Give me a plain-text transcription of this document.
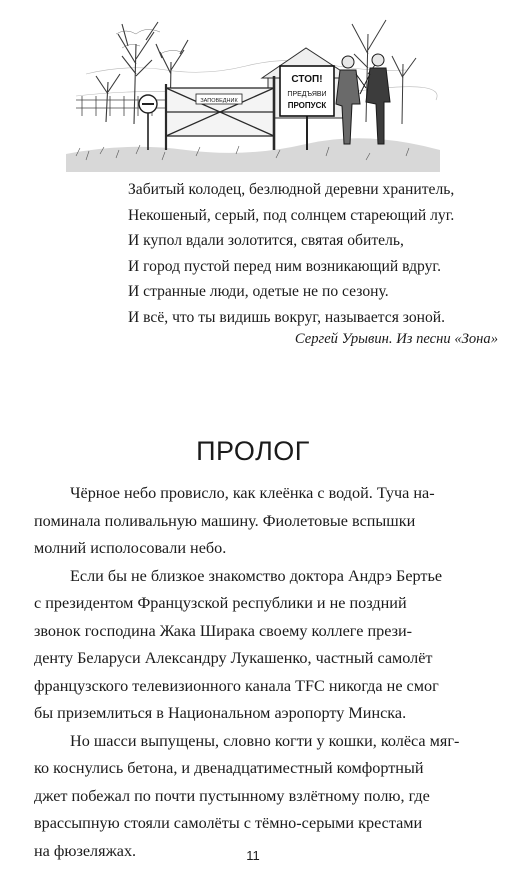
ЗАПОВЕДНИК
СТОП!
ПРЕДЪЯВИ
ПРОПУСК
Забитый колодец, безлюдной деревни хранитель,
Некошеный, серый, под солнцем стареющий луг.
И купол вдали золотится, святая обитель,
И город пустой перед ним возникающий вдруг.
И странные люди, одетые не по сезону.
И всё, что ты видишь вокруг, называется зоной.
Сергей Урывин. Из песни «Зона»
ПРОЛОГ
Чёрное небо провисло, как клеёнка с водой. Туча на-
поминала поливальную машину. Фиолетовые вспышки
молний исполосовали небо.
Если бы не близкое знакомство доктора Андрэ Бертье
с президентом Французской республики и не поздний
звонок господина Жака Ширака своему коллеге прези-
денту Беларуси Александру Лукашенко, частный самолёт
французского телевизионного канала TFC никогда не смог
бы приземлиться в Национальном аэропорту Минска.
Но шасси выпущены, словно когти у кошки, колёса мяг-
ко коснулись бетона, и двенадцатиместный комфортный
джет побежал по почти пустынному взлётному полю, где
врассыпную стояли самолёты с тёмно-серыми крестами
на фюзеляжах.	11
